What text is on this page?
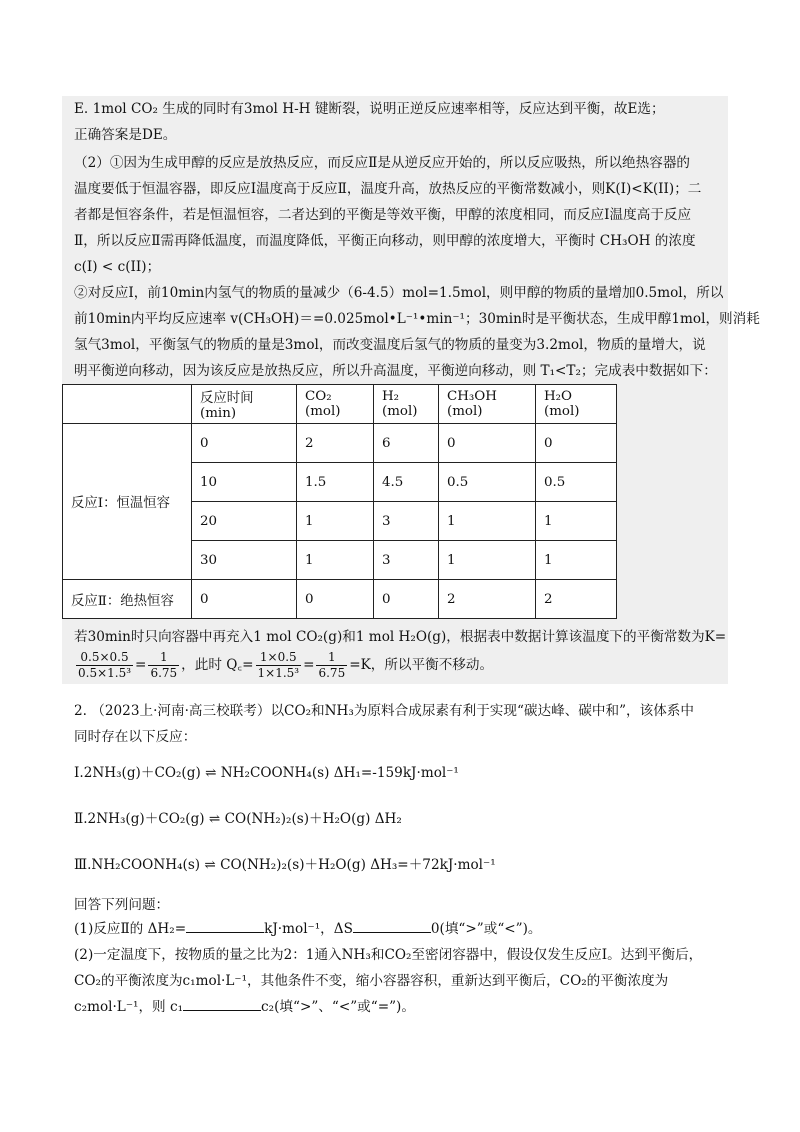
E. 1mol CO₂ 生成的同时有3mol H-H 键断裂，说明正逆反应速率相等，反应达到平衡，故E选；
正确答案是DE。
（2）①因为生成甲醇的反应是放热反应，而反应Ⅱ是从逆反应开始的，所以反应吸热，所以绝热容器的
温度要低于恒温容器，即反应Ⅰ温度高于反应Ⅱ，温度升高，放热反应的平衡常数减小，则K(I)<K(II)；二
者都是恒容条件，若是恒温恒容，二者达到的平衡是等效平衡，甲醇的浓度相同，而反应Ⅰ温度高于反应
Ⅱ，所以反应Ⅱ需再降低温度，而温度降低，平衡正向移动，则甲醇的浓度增大，平衡时 CH₃OH 的浓度
c(I) < c(II)；
②对反应Ⅰ，前10min内氢气的物质的量减少（6-4.5）mol=1.5mol，则甲醇的物质的量增加0.5mol，所以
前10min内平均反应速率 v(CH₃OH)＝=0.025mol•L⁻¹•min⁻¹；30min时是平衡状态，生成甲醇1mol，则消耗
氢气3mol，平衡氢气的物质的量是3mol，而改变温度后氢气的物质的量变为3.2mol，物质的量增大，说
明平衡逆向移动，因为该反应是放热反应，所以升高温度，平衡逆向移动，则 T₁<T₂；完成表中数据如下：
	反应时间(min)	CO₂ (mol)	H₂ (mol)	CH₃OH (mol)	H₂O (mol)
反应Ⅰ：恒温恒容	0	2	6	0	0
	10	1.5	4.5	0.5	0.5
	20	1	3	1	1
	30	1	3	1	1
反应Ⅱ：绝热恒容	0	0	0	2	2
若30min时只向容器中再充入1 mol CO₂(g)和1 mol H₂O(g)，根据表中数据计算该温度下的平衡常数为K=
$\frac{0.5\times 0.5}{\text{0.5×1.5³}} = \frac{1}{6.75}$ ，此时 Q꜀= $\frac{1\times 0.5}{\text{1×1.5³}} = \frac{1}{6.75} =K$，所以平衡不移动。
2. （2023上·河南·高三校联考）以CO₂和NH₃为原料合成尿素有利于实现“碳达峰、碳中和”，该体系中
同时存在以下反应：
Ⅰ.2NH₃(g)＋CO₂(g) ⇌ NH₂COONH₄(s) ΔH₁=-159kJ·mol⁻¹
Ⅱ.2NH₃(g)＋CO₂(g) ⇌ CO(NH₂)₂(s)＋H₂O(g) ΔH₂
Ⅲ.NH₂COONH₄(s) ⇌ CO(NH₂)₂(s)＋H₂O(g) ΔH₃=＋72kJ·mol⁻¹
回答下列问题：
(1)反应Ⅱ的 ΔH₂=	kJ·mol⁻¹，ΔS	0(填“>”或“<”)。
(2)一定温度下，按物质的量之比为2：1通入NH₃和CO₂至密闭容器中，假设仅发生反应Ⅰ。达到平衡后，
CO₂的平衡浓度为c₁mol·L⁻¹，其他条件不变，缩小容器容积，重新达到平衡后，CO₂的平衡浓度为
c₂mol·L⁻¹，则 c₁	c₂(填“>”、“<”或“=”)。
